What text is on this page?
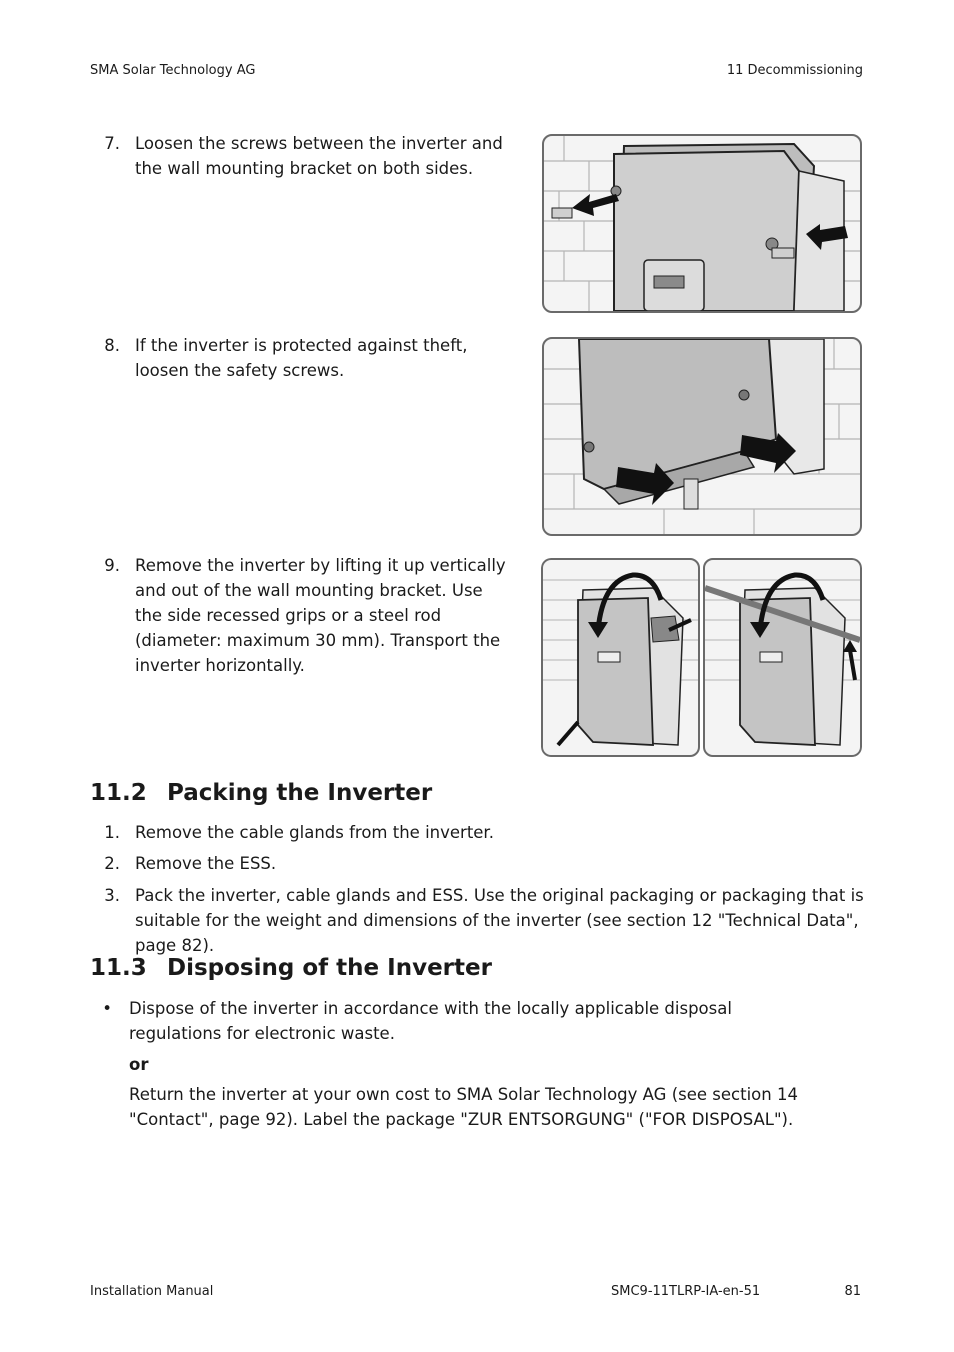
SMA Solar Technology AG	11 Decommissioning
7. Loosen the screws between the inverter and the wall mounting bracket on both sides.
8. If the inverter is protected against theft, loosen the safety screws.
9. Remove the inverter by lifting it up vertically and out of the wall mounting bracket. Use the side recessed grips or a steel rod (diameter: maximum 30 mm). Transport the inverter horizontally.
11.2 Packing the Inverter
1. Remove the cable glands from the inverter.
2. Remove the ESS.
3. Pack the inverter, cable glands and ESS. Use the original packaging or packaging that is suitable for the weight and dimensions of the inverter (see section 12 "Technical Data", page 82).
11.3 Disposing of the Inverter
• Dispose of the inverter in accordance with the locally applicable disposal regulations for electronic waste.
or
Return the inverter at your own cost to SMA Solar Technology AG (see section 14 "Contact", page 92). Label the package "ZUR ENTSORGUNG" ("FOR DISPOSAL").
Installation Manual	SMC9-11TLRP-IA-en-51	81
